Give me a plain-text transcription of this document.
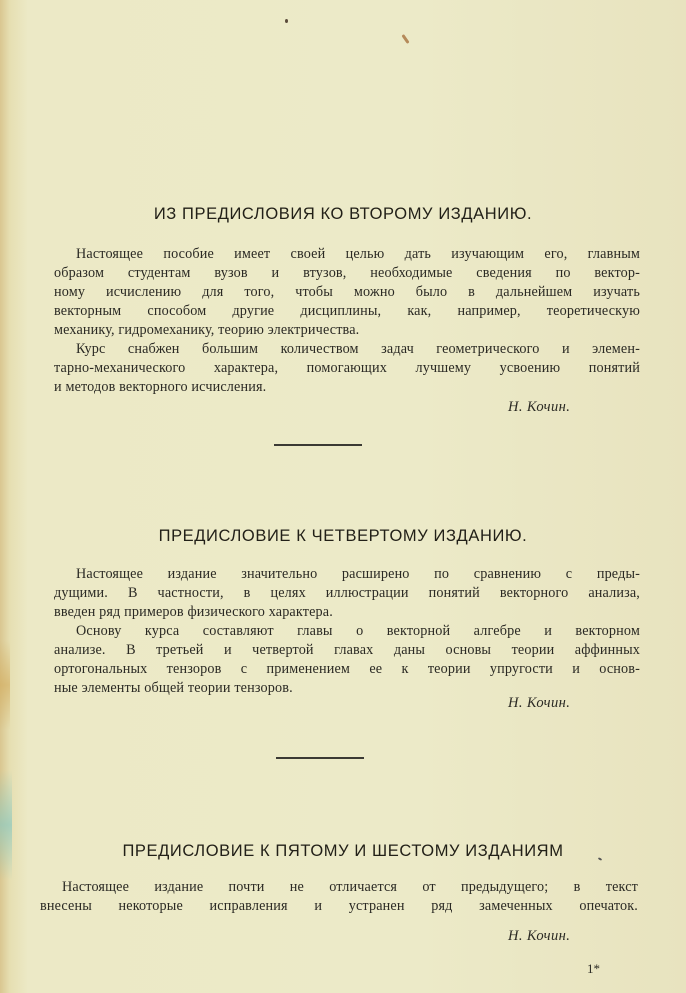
ИЗ ПРЕДИСЛОВИЯ КО ВТОРОМУ ИЗДАНИЮ.
Настоящее пособие имеет своей целью дать изучающим его, главным
образом студентам вузов и втузов, необходимые сведения по вектор-
ному исчислению для того, чтобы можно было в дальнейшем изучать
векторным способом другие дисциплины, как, например, теоретическую
механику, гидромеханику, теорию электричества.
Курс снабжен большим количеством задач геометрического и элемен-
тарно-механического характера, помогающих лучшему усвоению понятий
и методов векторного исчисления.
Н. Кочин.
ПРЕДИСЛОВИЕ К ЧЕТВЕРТОМУ ИЗДАНИЮ.
Настоящее издание значительно расширено по сравнению с преды-
дущими. В частности, в целях иллюстрации понятий векторного анализа,
введен ряд примеров физического характера.
Основу курса составляют главы о векторной алгебре и векторном
анализе. В третьей и четвертой главах даны основы теории аффинных
ортогональных тензоров с применением ее к теории упругости и основ-
ные элементы общей теории тензоров.
Н. Кочин.
ПРЕДИСЛОВИЕ К ПЯТОМУ И ШЕСТОМУ ИЗДАНИЯМ
Настоящее издание почти не отличается от предыдущего; в текст
внесены некоторые исправления и устранен ряд замеченных опечаток.
Н. Кочин.
1*
